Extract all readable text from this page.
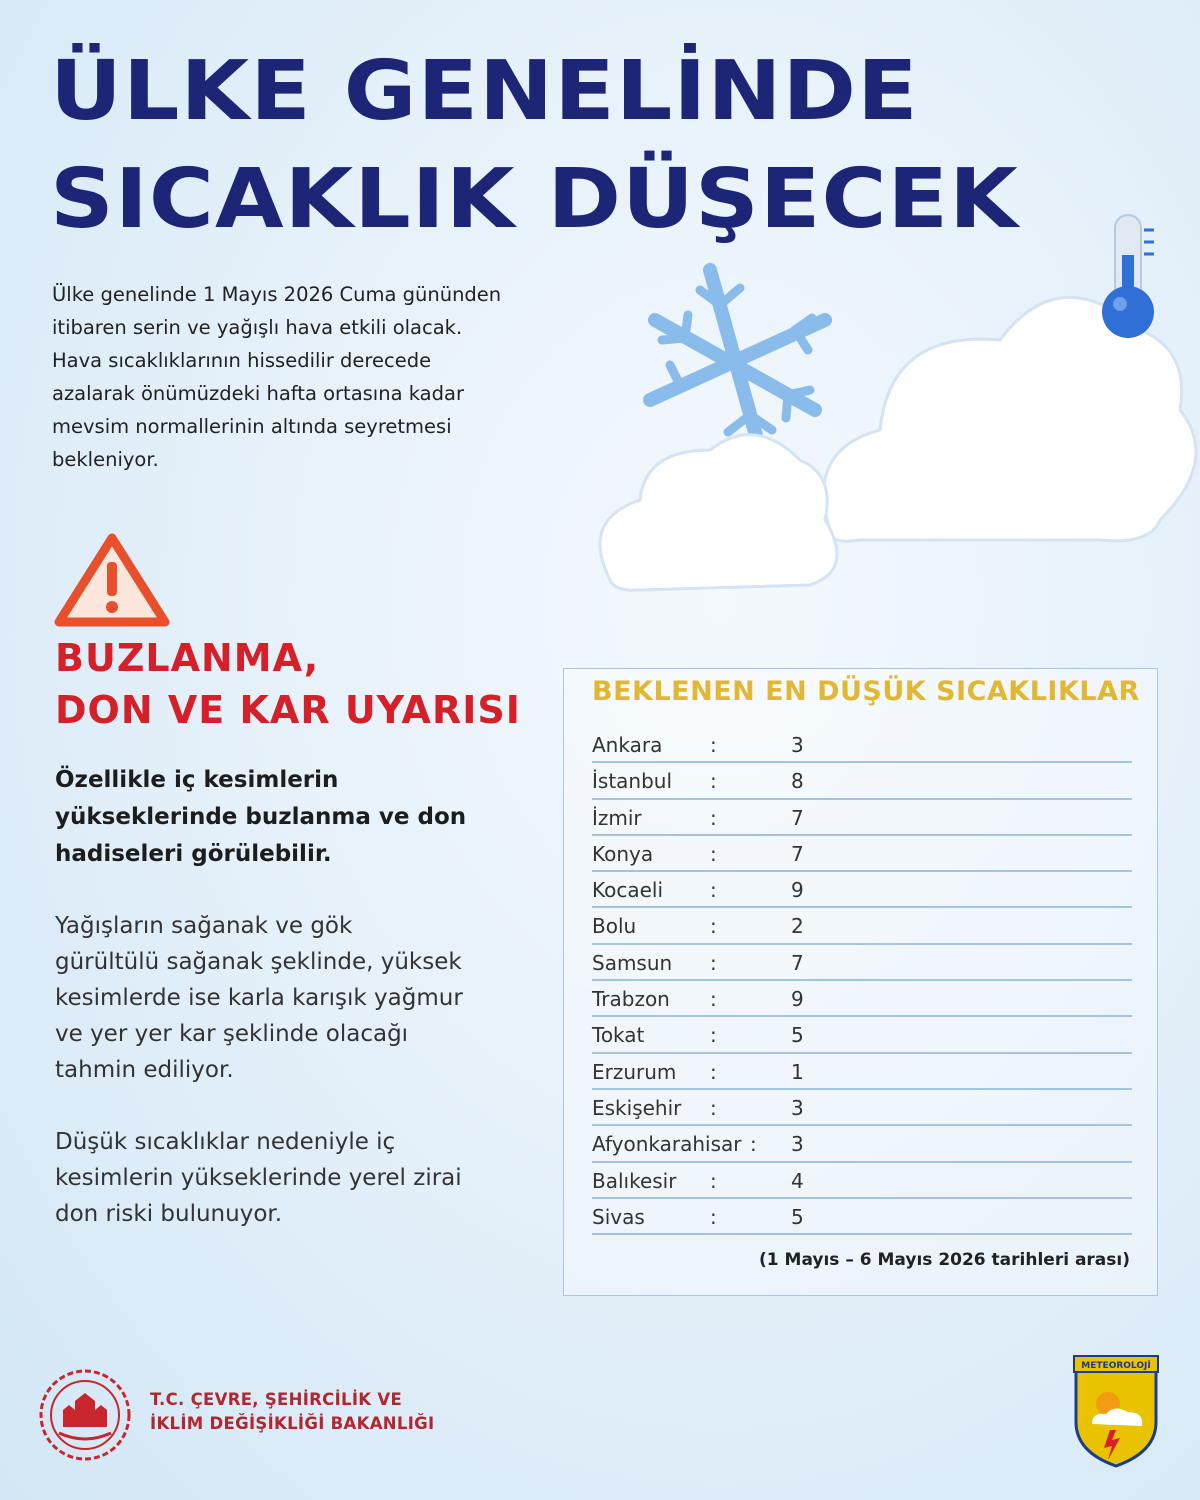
ÜLKE GENELİNDE
SICAKLIK DÜŞECEK
Ülke genelinde 1 Mayıs 2026 Cuma gününden
itibaren serin ve yağışlı hava etkili olacak.
Hava sıcaklıklarının hissedilir derecede
azalarak önümüzdeki hafta ortasına kadar
mevsim normallerinin altında seyretmesi
bekleniyor.
BUZLANMA,
DON VE KAR UYARISI
Özellikle iç kesimlerin
yükseklerinde buzlanma ve don
hadiseleri görülebilir.
Yağışların sağanak ve gök
gürültülü sağanak şeklinde, yüksek
kesimlerde ise karla karışık yağmur
ve yer yer kar şeklinde olacağı
tahmin ediliyor.
Düşük sıcaklıklar nedeniyle iç
kesimlerin yükseklerinde yerel zirai
don riski bulunuyor.
BEKLENEN EN DÜŞÜK SICAKLIKLAR
Ankara :	3
İstanbul :	8
İzmir	:	7
Konya	:	7
Kocaeli :	9
Bolu	:	2
Samsun :	7
Trabzon :	9
Tokat	:	5
Erzurum :	1
Eskişehir :	3
Afyonkarahisar : 3
Balıkesir :	4
Sivas	:	5
(1 Mayıs – 6 Mayıs 2026 tarihleri arası)
T.C. ÇEVRE, ŞEHİRCİLİK VE
İKLİM DEĞİŞİKLİĞİ BAKANLIĞI
METEOROLOJİ
